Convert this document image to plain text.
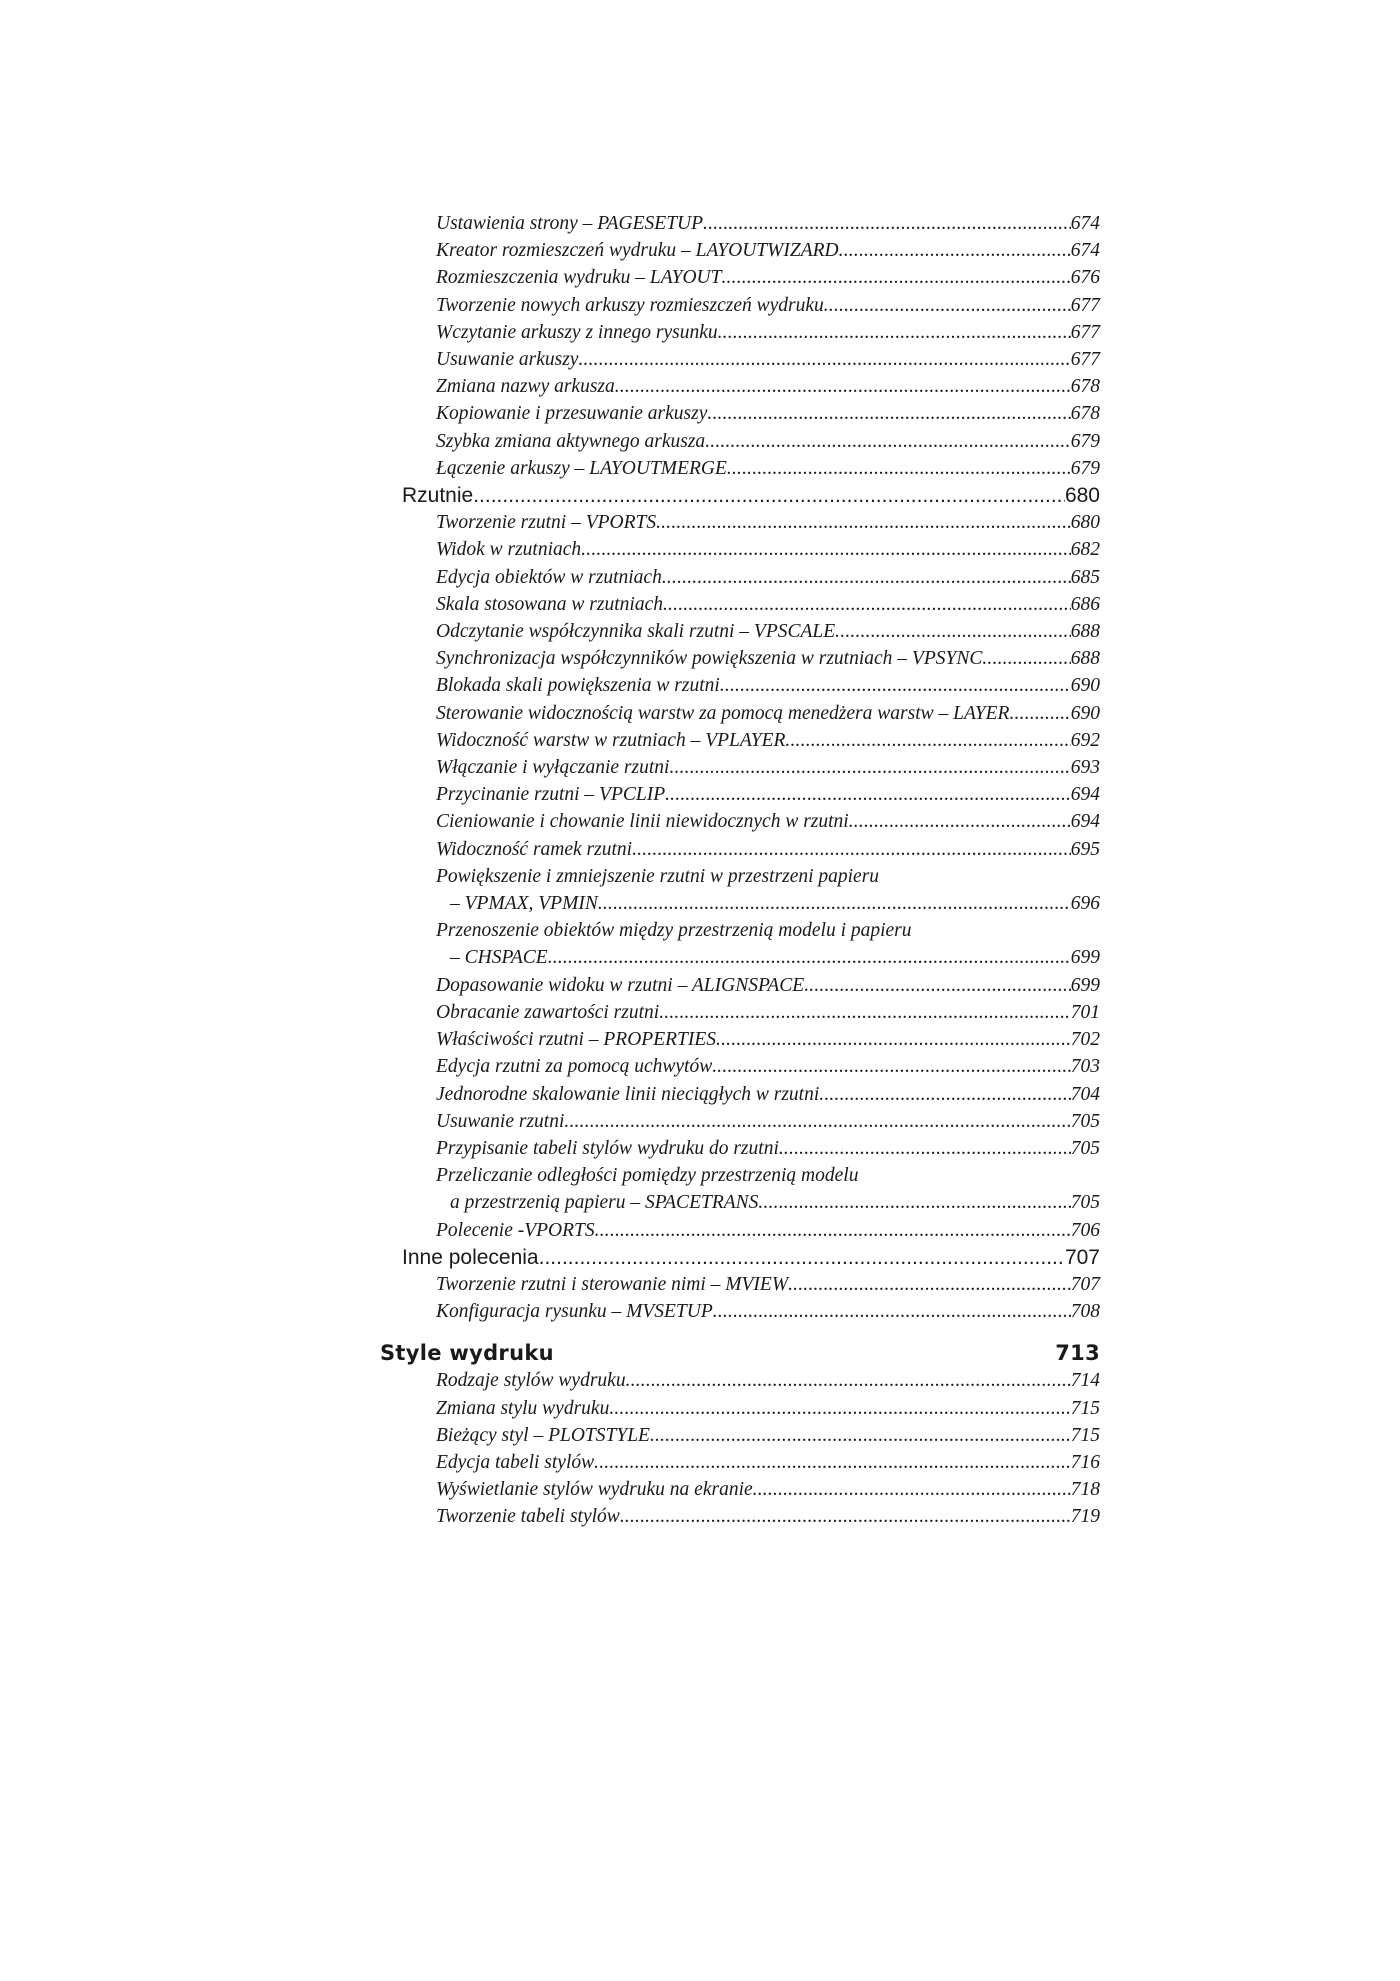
Ustawienia strony – PAGESETUP .....	674
Kreator rozmieszczeń wydruku – LAYOUTWIZARD .....	674
Rozmieszczenia wydruku – LAYOUT .....	676
Tworzenie nowych arkuszy rozmieszczeń wydruku .....	677
Wczytanie arkuszy z innego rysunku .....	677
Usuwanie arkuszy .....	677
Zmiana nazwy arkusza .....	678
Kopiowanie i przesuwanie arkuszy .....	678
Szybka zmiana aktywnego arkusza .....	679
Łączenie arkuszy – LAYOUTMERGE .....	679
Rzutnie .....	680
Tworzenie rzutni – VPORTS .....	680
Widok w rzutniach .....	682
Edycja obiektów w rzutniach .....	685
Skala stosowana w rzutniach .....	686
Odczytanie współczynnika skali rzutni – VPSCALE .....	688
Synchronizacja współczynników powiększenia w rzutniach – VPSYNC .....	688
Blokada skali powiększenia w rzutni .....	690
Sterowanie widocznością warstw za pomocą menedżera warstw – LAYER .....	690
Widoczność warstw w rzutniach – VPLAYER .....	692
Włączanie i wyłączanie rzutni .....	693
Przycinanie rzutni – VPCLIP .....	694
Cieniowanie i chowanie linii niewidocznych w rzutni .....	694
Widoczność ramek rzutni .....	695
Powiększenie i zmniejszenie rzutni w przestrzeni papieru
– VPMAX, VPMIN .....	696
Przenoszenie obiektów między przestrzenią modelu i papieru
– CHSPACE .....	699
Dopasowanie widoku w rzutni – ALIGNSPACE .....	699
Obracanie zawartości rzutni .....	701
Właściwości rzutni – PROPERTIES .....	702
Edycja rzutni za pomocą uchwytów .....	703
Jednorodne skalowanie linii nieciągłych w rzutni .....	704
Usuwanie rzutni .....	705
Przypisanie tabeli stylów wydruku do rzutni .....	705
Przeliczanie odległości pomiędzy przestrzenią modelu
a przestrzenią papieru – SPACETRANS .....	705
Polecenie -VPORTS .....	706
Inne polecenia .....	707
Tworzenie rzutni i sterowanie nimi – MVIEW .....	707
Konfiguracja rysunku – MVSETUP .....	708
Style wydruku	713
Rodzaje stylów wydruku .....	714
Zmiana stylu wydruku .....	715
Bieżący styl – PLOTSTYLE .....	715
Edycja tabeli stylów .....	716
Wyświetlanie stylów wydruku na ekranie .....	718
Tworzenie tabeli stylów .....	719
